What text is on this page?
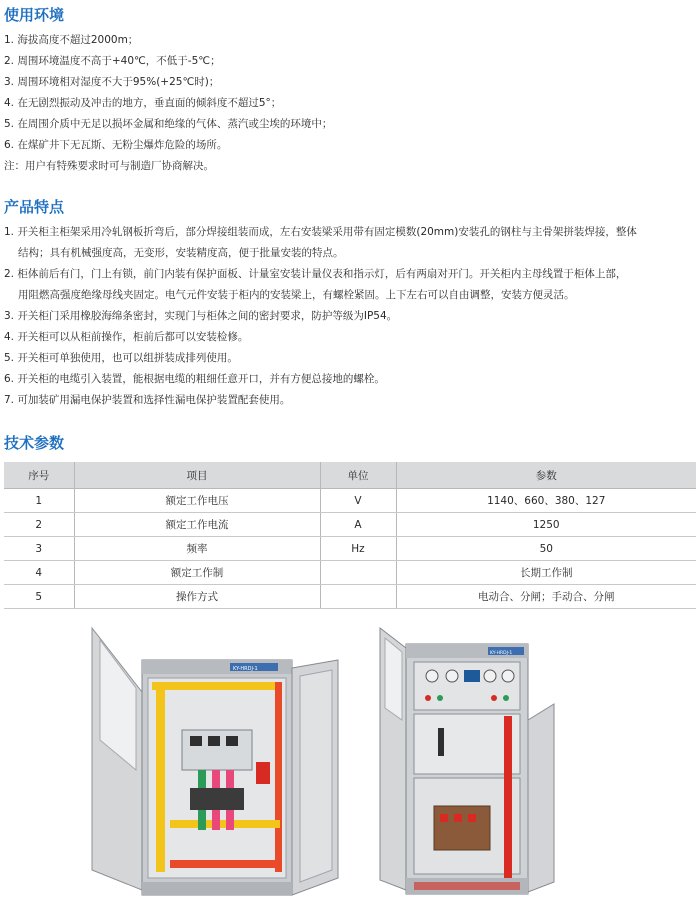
使用环境
1. 海拔高度不超过2000m；
2. 周围环境温度不高于+40℃，不低于-5℃；
3. 周围环境相对湿度不大于95%(+25℃时)；
4. 在无剧烈振动及冲击的地方，垂直面的倾斜度不超过5°；
5. 在周围介质中无足以损坏金属和绝缘的气体、蒸汽或尘埃的环境中；
6. 在煤矿井下无瓦斯、无粉尘爆炸危险的场所。
注：用户有特殊要求时可与制造厂协商解决。
产品特点
1. 开关柜主柜架采用冷轧钢板折弯后，部分焊接组装而成，左右安装梁采用带有固定模数(20mm)安装孔的钢柱与主骨架拼装焊接，整体
结构；具有机械强度高，无变形，安装精度高，便于批量安装的特点。
2. 柜体前后有门，门上有锁，前门内装有保护面板、计量室安装计量仪表和指示灯，后有两扇对开门。开关柜内主母线置于柜体上部，
用阻燃高强度绝缘母线夹固定。电气元件安装于柜内的安装梁上，有螺栓紧固。上下左右可以自由调整，安装方便灵活。
3. 开关柜门采用橡胶海绵条密封，实现门与柜体之间的密封要求，防护等级为IP54。
4. 开关柜可以从柜前操作，柜前后都可以安装检修。
5. 开关柜可单独使用，也可以组拼装成排列使用。
6. 开关柜的电缆引入装置，能根据电缆的粗细任意开口，并有方便总接地的螺栓。
7. 可加装矿用漏电保护装置和选择性漏电保护装置配套使用。
技术参数
序号	项目	单位	参数
1	额定工作电压	V	1140、660、380、127
2	额定工作电流	A	1250
3	频率	Hz	50
4	额定工作制		长期工作制
5	操作方式		电动合、分闸；手动合、分闸
KY-HRDJ-1
KY-HRDJ-1
